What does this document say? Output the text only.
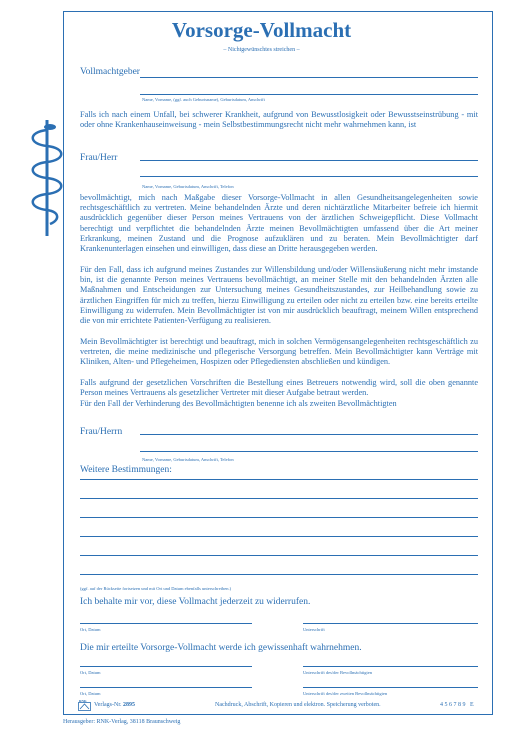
Vorsorge-Vollmacht
– Nichtgewünschtes streichen –
Vollmachtgeber
Name, Vorname, (ggf. auch Geburtsname), Geburtsdatum, Anschrift

Falls ich nach einem Unfall, bei schwerer Krankheit, aufgrund von Bewusstlosigkeit oder Bewusstseinstrübung - mit oder ohne Krankenhauseinweisung - mein Selbstbestimmungsrecht nicht mehr wahrnehmen kann, ist

Frau/Herr
Name, Vorname, Geburtsdatum, Anschrift, Telefon

bevollmächtigt, mich nach Maßgabe dieser Vorsorge-Vollmacht in allen Gesundheitsangelegenheiten sowie rechtsgeschäftlich zu vertreten. Meine behandelnden Ärzte und deren nichtärztliche Mitarbeiter befreie ich hiermit ausdrücklich gegenüber dieser Person meines Vertrauens von der ärztlichen Schweigepflicht. Diese Vollmacht berechtigt und verpflichtet die behandelnden Ärzte meinen Bevollmächtigten umfassend über die Art meiner Erkrankung, meinen Zustand und die Prognose aufzuklären und zu beraten. Mein Bevollmächtigter darf Krankenunterlagen einsehen und einwilligen, dass diese an Dritte herausgegeben werden.

Für den Fall, dass ich aufgrund meines Zustandes zur Willensbildung und/oder Willensäußerung nicht mehr imstande bin, ist die genannte Person meines Vertrauens bevollmächtigt, an meiner Stelle mit den behandelnden Ärzten alle Maßnahmen und Entscheidungen zur Untersuchung meines Gesundheitszustandes, zur Heilbehandlung sowie zu ärztlichen Eingriffen für mich zu treffen, hierzu Einwilligung zu erteilen oder nicht zu erteilen bzw. eine bereits erteilte Einwilligung zu widerrufen. Mein Bevollmächtigter ist von mir ausdrücklich beauftragt, meinem Willen entsprechend die von mir errichtete Patienten-Verfügung zu realisieren.

Mein Bevollmächtigter ist berechtigt und beauftragt, mich in solchen Vermögensangelegenheiten rechtsgeschäftlich zu vertreten, die meine medizinische und pflegerische Versorgung betreffen. Mein Bevollmächtigter kann Verträge mit Kliniken, Alten- und Pflegeheimen, Hospizen oder Pflegediensten abschließen und kündigen.

Falls aufgrund der gesetzlichen Vorschriften die Bestellung eines Betreuers notwendig wird, soll die oben genannte Person meines Vertrauens als gesetzlicher Vertreter mit dieser Aufgabe betraut werden.

Für den Fall der Verhinderung des Bevollmächtigten benenne ich als zweiten Bevollmächtigten

Frau/Herrn
Name, Vorname, Geburtsdatum, Anschrift, Telefon
Weitere Bestimmungen:
(ggf. auf der Rückseite fortsetzen und mit Ort und Datum ebenfalls unterschreiben.)
Ich behalte mir vor, diese Vollmacht jederzeit zu widerrufen.
Ort, Datum	Unterschrift
Die mir erteilte Vorsorge-Vollmacht werde ich gewissenhaft wahrnehmen.
Ort, Datum	Unterschrift des/der Bevollmächtigten
Ort, Datum	Unterschrift des/der zweiten Bevollmächtigten
RNK
Verlags-Nr. 2895	Nachdruck, Abschrift, Kopieren und elektron. Speicherung verboten.	4 5 6 7 8 9   E
Herausgeber: RNK-Verlag, 38118 Braunschweig
